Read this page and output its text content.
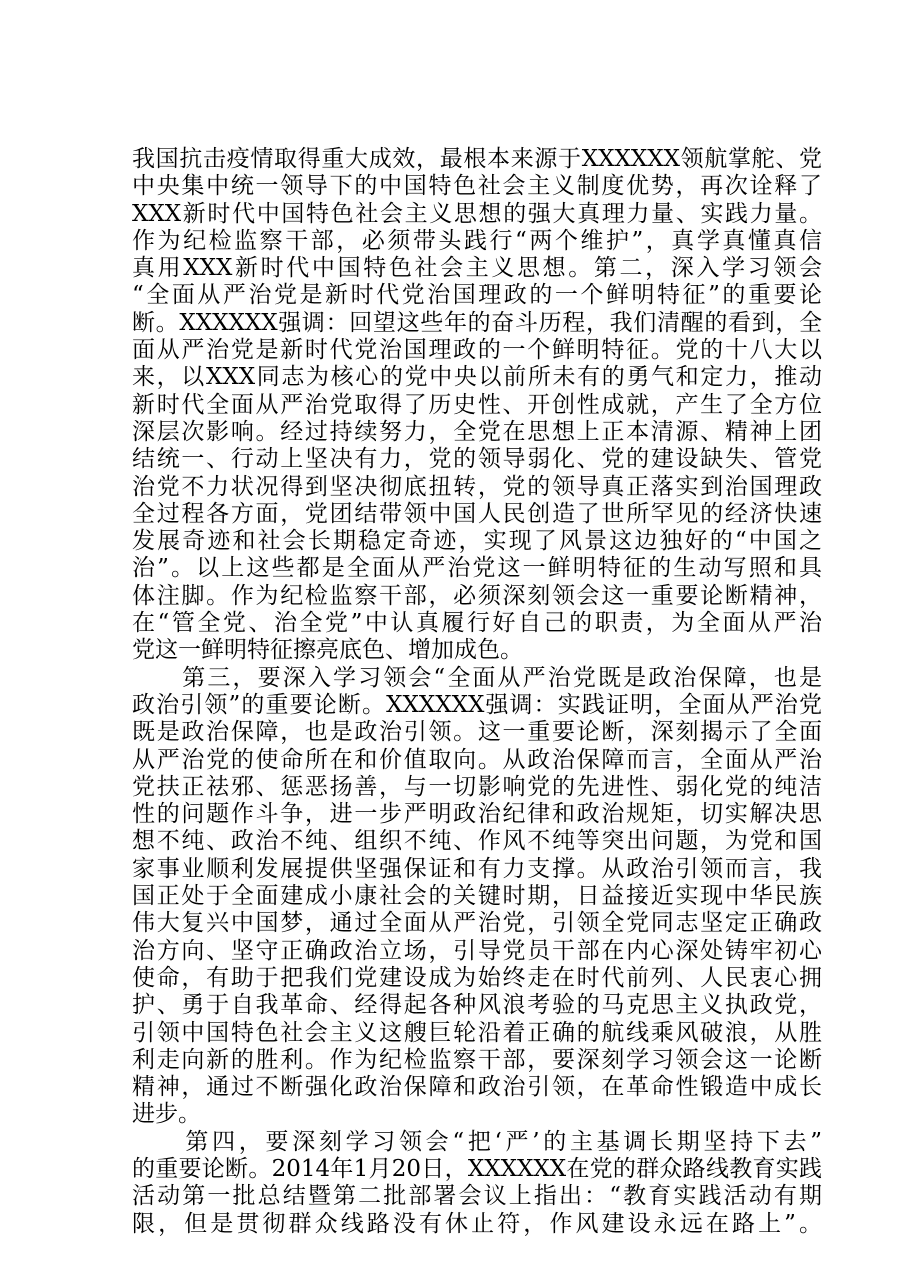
我国抗击疫情取得重大成效，最根本来源于XXXXXX领航掌舵、党
中央集中统一领导下的中国特色社会主义制度优势，再次诠释了
XXX新时代中国特色社会主义思想的强大真理力量、实践力量。
作为纪检监察干部，必须带头践行“两个维护”，真学真懂真信
真用XXX新时代中国特色社会主义思想。第二，深入学习领会
“全面从严治党是新时代党治国理政的一个鲜明特征”的重要论
断。XXXXXX强调：回望这些年的奋斗历程，我们清醒的看到，全
面从严治党是新时代党治国理政的一个鲜明特征。党的十八大以
来，以XXX同志为核心的党中央以前所未有的勇气和定力，推动
新时代全面从严治党取得了历史性、开创性成就，产生了全方位
深层次影响。经过持续努力，全党在思想上正本清源、精神上团
结统一、行动上坚决有力，党的领导弱化、党的建设缺失、管党
治党不力状况得到坚决彻底扭转，党的领导真正落实到治国理政
全过程各方面，党团结带领中国人民创造了世所罕见的经济快速
发展奇迹和社会长期稳定奇迹，实现了风景这边独好的“中国之
治”。以上这些都是全面从严治党这一鲜明特征的生动写照和具
体注脚。作为纪检监察干部，必须深刻领会这一重要论断精神，
在“管全党、治全党”中认真履行好自己的职责，为全面从严治
党这一鲜明特征擦亮底色、增加成色。
　　第三，要深入学习领会“全面从严治党既是政治保障，也是
政治引领”的重要论断。XXXXXX强调：实践证明，全面从严治党
既是政治保障，也是政治引领。这一重要论断，深刻揭示了全面
从严治党的使命所在和价值取向。从政治保障而言，全面从严治
党扶正祛邪、惩恶扬善，与一切影响党的先进性、弱化党的纯洁
性的问题作斗争，进一步严明政治纪律和政治规矩，切实解决思
想不纯、政治不纯、组织不纯、作风不纯等突出问题，为党和国
家事业顺利发展提供坚强保证和有力支撑。从政治引领而言，我
国正处于全面建成小康社会的关键时期，日益接近实现中华民族
伟大复兴中国梦，通过全面从严治党，引领全党同志坚定正确政
治方向、坚守正确政治立场，引导党员干部在内心深处铸牢初心
使命，有助于把我们党建设成为始终走在时代前列、人民衷心拥
护、勇于自我革命、经得起各种风浪考验的马克思主义执政党，
引领中国特色社会主义这艘巨轮沿着正确的航线乘风破浪，从胜
利走向新的胜利。作为纪检监察干部，要深刻学习领会这一论断
精神，通过不断强化政治保障和政治引领，在革命性锻造中成长
进步。
　　第四，要深刻学习领会“把‘严’的主基调长期坚持下去”
的重要论断。2014年1月20日，XXXXXX在党的群众路线教育实践
活动第一批总结暨第二批部署会议上指出：“教育实践活动有期
限，但是贯彻群众线路没有休止符，作风建设永远在路上”。
